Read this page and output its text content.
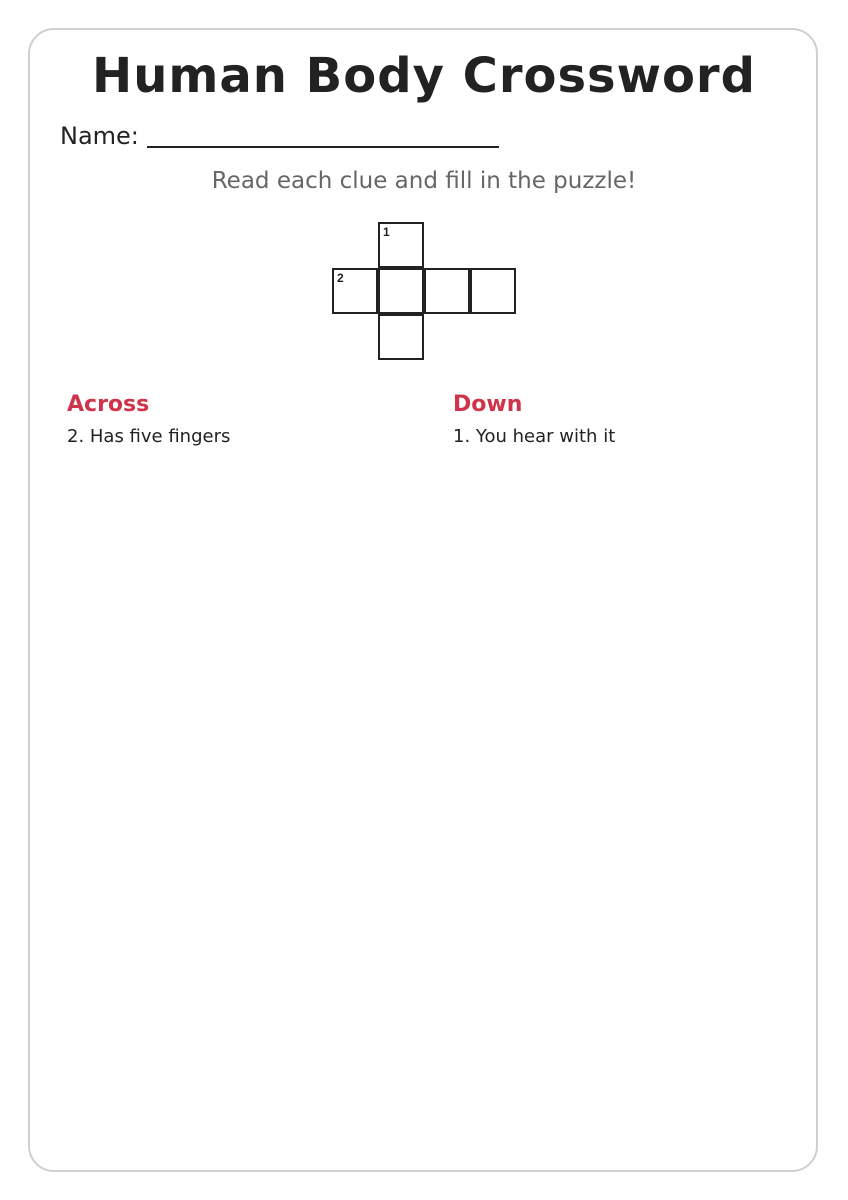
Human Body Crossword
Name:
Read each clue and fill in the puzzle!
1
2
Across
2. Has five fingers
Down
1. You hear with it
